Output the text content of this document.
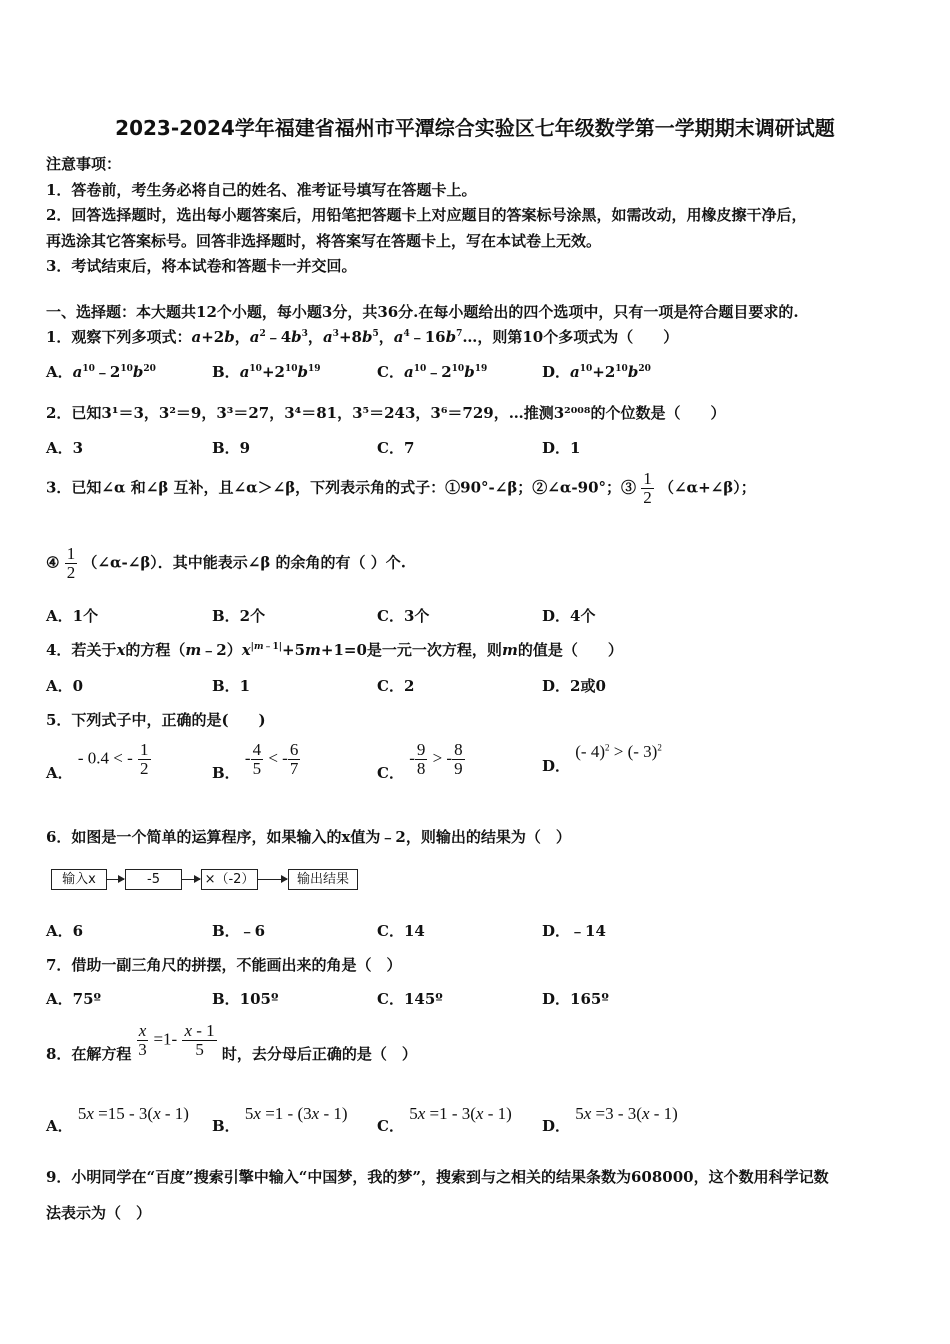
2023-2024学年福建省福州市平潭综合实验区七年级数学第一学期期末调研试题
注意事项：
1．答卷前，考生务必将自己的姓名、准考证号填写在答题卡上。
2．回答选择题时，选出每小题答案后，用铅笔把答题卡上对应题目的答案标号涂黑，如需改动，用橡皮擦干净后，
再选涂其它答案标号。回答非选择题时，将答案写在答题卡上，写在本试卷上无效。
3．考试结束后，将本试卷和答题卡一并交回。
一、选择题：本大题共12个小题，每小题3分，共36分.在每小题给出的四个选项中，只有一项是符合题目要求的.
1．观察下列多项式：a+2b，$a^2﹣4b^3$，$a^3+8b^5$，$a^4﹣16b^7\dots$，则第10个多项式为（　　）
A．$a^{10}﹣2^{10}b^{20}$	B．$a^{10}+2^{10}b^{19}$	C．$a^{10}﹣2^{10}b^{19}$	D．$a^{10}+2^{10}b^{20}$
2．已知3¹＝3，3²＝9，3³＝27，3⁴＝81，3⁵＝243，3⁶＝729，…推测3²⁰⁰⁸的个位数是（　　）
A．3	B．9	C．7	D．1
3．已知∠α 和∠β 互补，且∠α＞∠β，下列表示角的式子：①90°-∠β；②∠α-90°；③ $\frac{1}{2}$ （∠α+∠β）；
④ $\frac{1}{2}$ （∠α-∠β）．其中能表示∠β 的余角的有（ ）个.
A．1个	B．2个	C．3个	D．4个
4．若关于x的方程$(m﹣2)x^{|m﹣1|}+5m+1=0$是一元一次方程，则m的值是（　　）
A．0	B．1	C．2	D．2或0
5．下列式子中，正确的是(　　)
A． - 0.4 < - $\frac{1}{2}$	B． - $\frac{4}{5}$ < - $\frac{6}{7}$	C． - $\frac{9}{8}$ > - $\frac{8}{9}$	D． (- 4)$^2$ > (- 3)$^2$
6．如图是一个简单的运算程序，如果输入的x值为﹣2，则输出的结果为（　）
输入x	-5	×（-2）	输出结果
A．6	B．﹣6	C．14	D．﹣14
7．借助一副三角尺的拼摆，不能画出来的角是（　）
A．75º	B．105º	C．145º	D．165º
8．在解方程 $\frac{x}{3} =1- \frac{x - 1}{5}$ 时，去分母后正确的是（　）
A． 5x =15 - 3(x - 1)
B． 5x =1 - (3x - 1)
C． 5x =1 - 3(x - 1)
D． 5x =3 - 3(x - 1)
9．小明同学在“百度”搜索引擎中输入“中国梦，我的梦”，搜索到与之相关的结果条数为608000，这个数用科学记数
法表示为（　）
